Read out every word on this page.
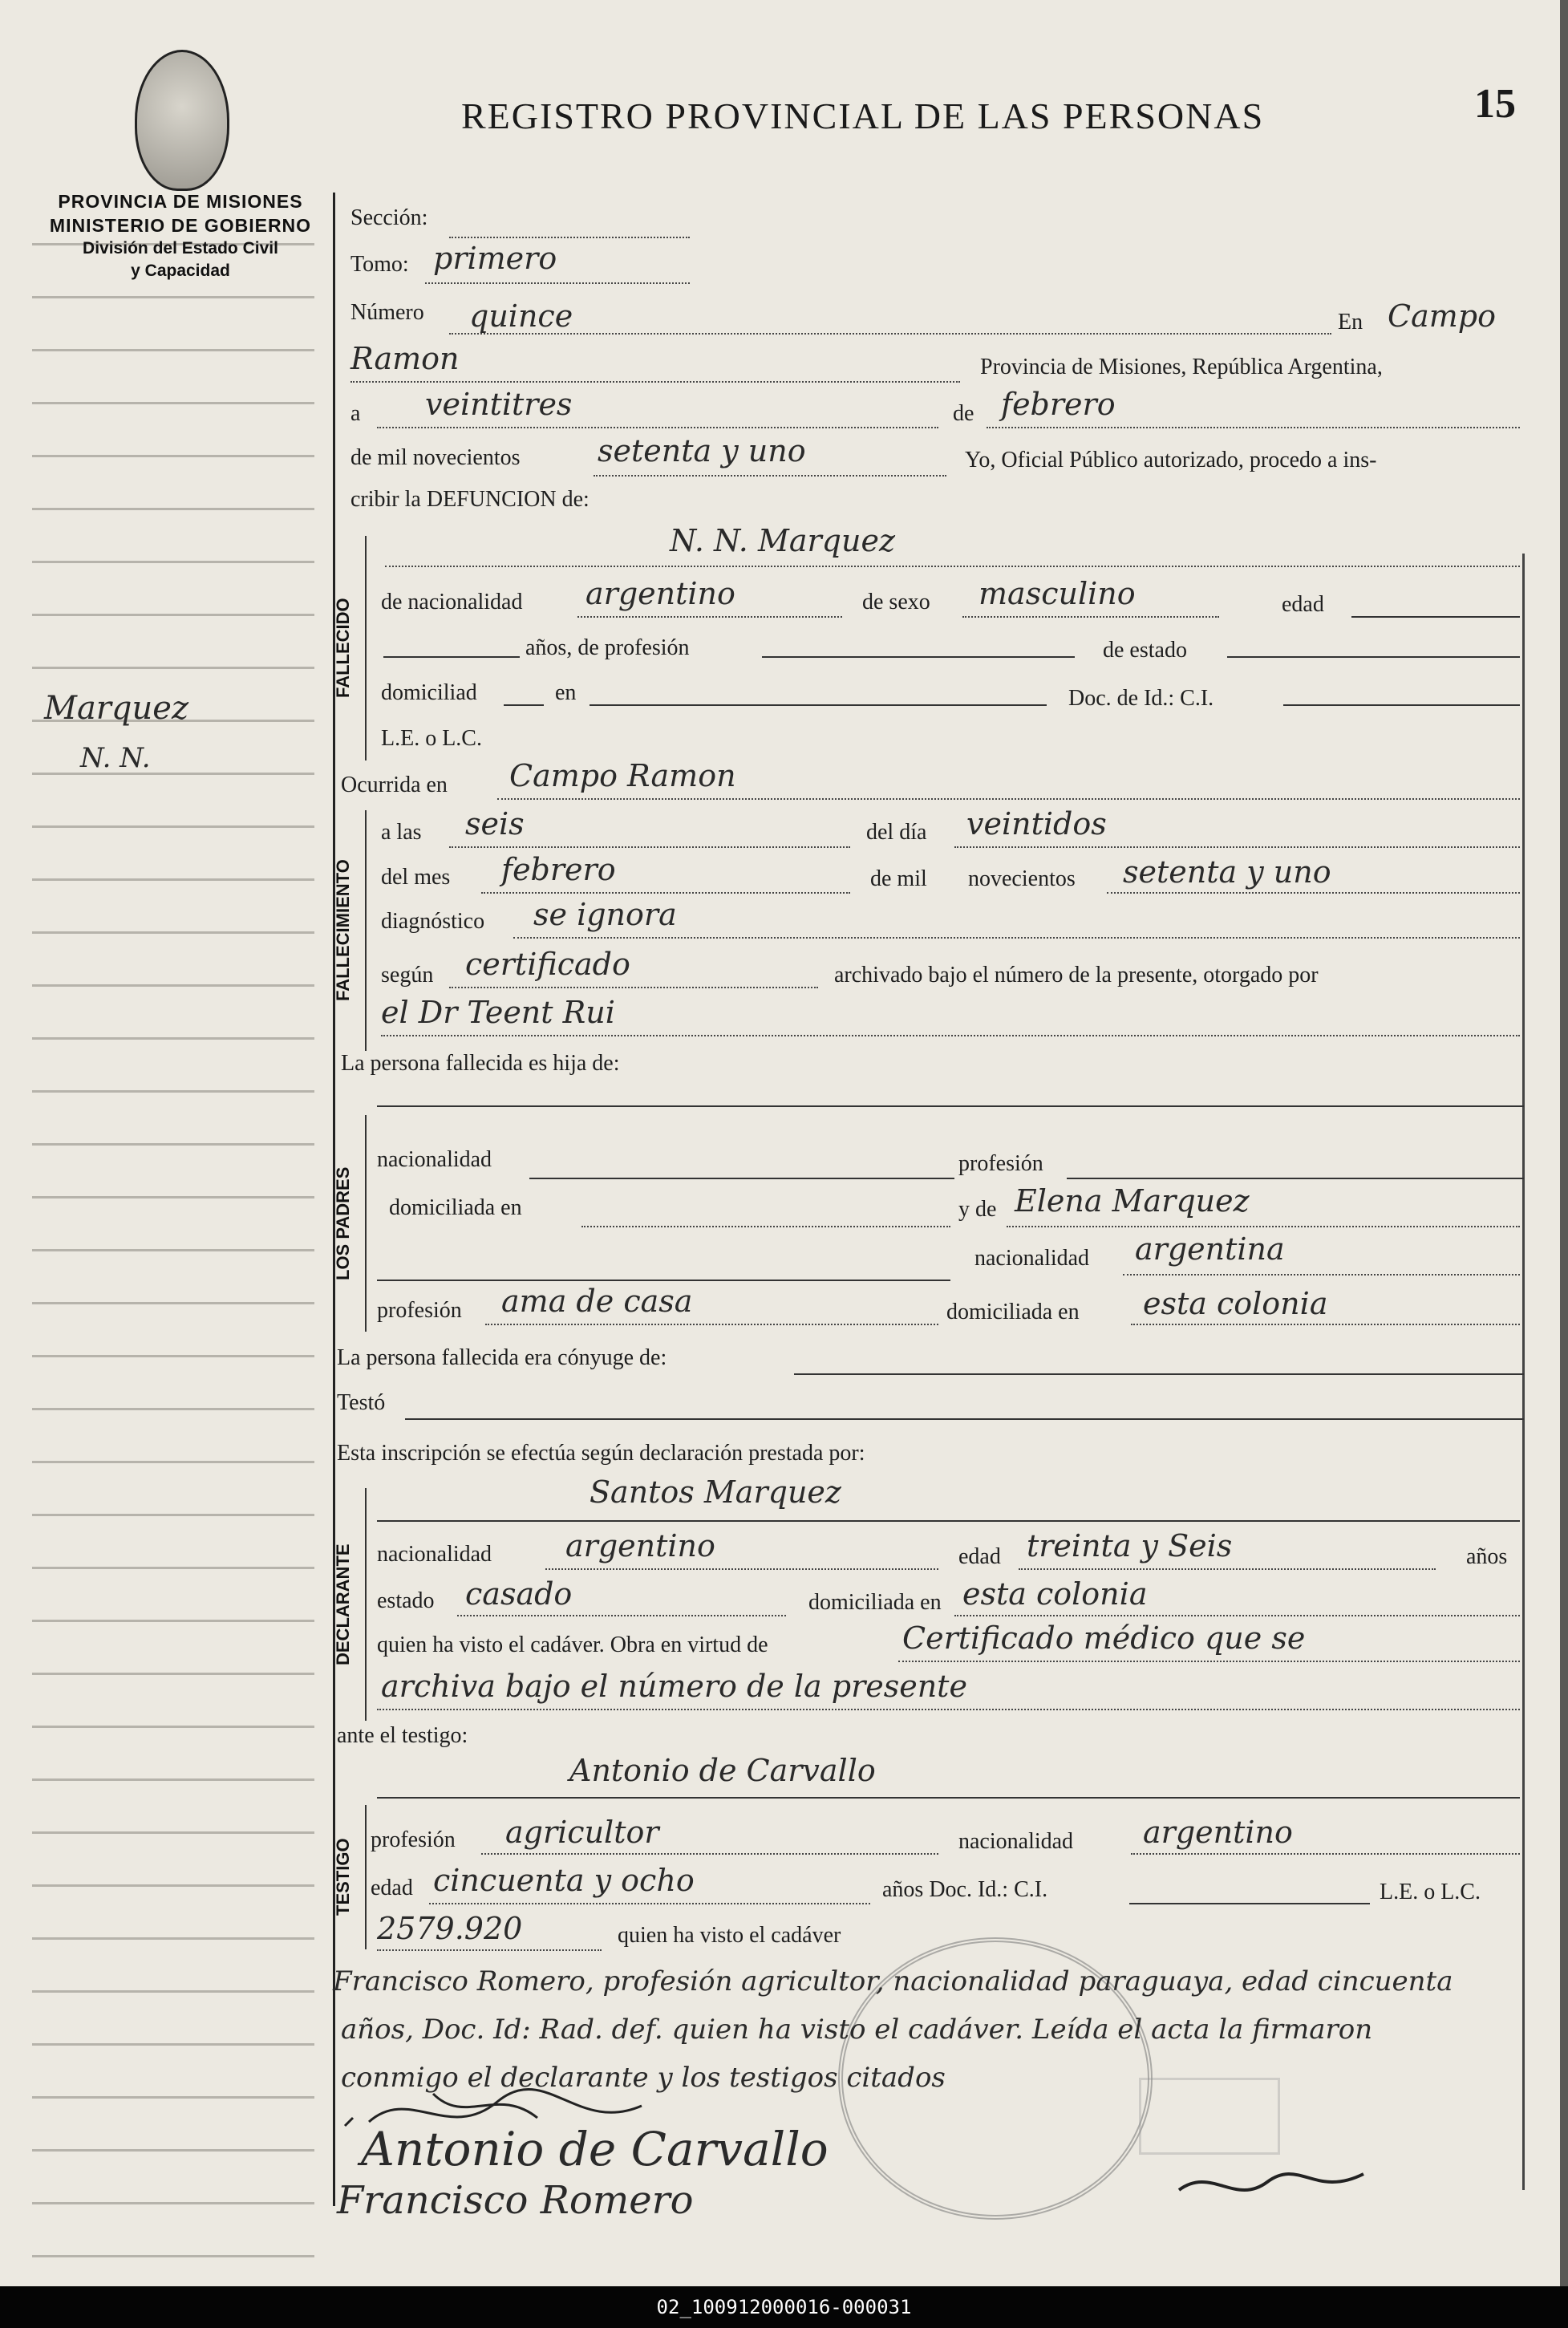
PROVINCIA DE MISIONES
MINISTERIO DE GOBIERNO
División del Estado Civil
y Capacidad
REGISTRO PROVINCIAL DE LAS PERSONAS	15
Marquez
N. N.
Sección:
Tomo: primero
Número quince	En Campo
Ramon	Provincia de Misiones, República Argentina,
a veintitres	de febrero
de mil novecientos	setenta y uno	Yo, Oficial Público autorizado, procedo a ins-
cribir la DEFUNCION de:
FALLECIDO
N. N. Marquez
de nacionalidad argentino	de sexo masculino	edad
años, de profesión	de estado
domiciliad	en	Doc. de Id.: C.I.
L.E. o L.C.
Ocurrida en Campo Ramon
FALLECIMIENTO
a las seis	del día veintidos
del mes febrero	de mil novecientos setenta y uno
diagnóstico se ignora
según certificado	archivado bajo el número de la presente, otorgado por
el Dr Teent Rui
La persona fallecida es hija de:
LOS PADRES
nacionalidad	profesión
domiciliada en	y de Elena Marquez
nacionalidad argentina
profesión ama de casa	domiciliada en esta colonia
La persona fallecida era cónyuge de:
Testó
Esta inscripción se efectúa según declaración prestada por:
DECLARANTE
Santos Marquez
nacionalidad argentino	edad treinta y Seis	años
estado casado	domiciliada en esta colonia
quien ha visto el cadáver. Obra en virtud de	Certificado médico que se
archiva bajo el número de la presente
ante el testigo:
TESTIGO
Antonio de Carvallo
profesión agricultor	nacionalidad argentino
edad cincuenta y ocho	años Doc. Id.: C.I.	L.E. o L.C.
2579.920	quien ha visto el cadáver
Francisco Romero, profesión agricultor, nacionalidad paraguaya, edad cincuenta
años, Doc. Id: Rad. def. quien ha visto el cadáver. Leída el acta la firmaron
conmigo el declarante y los testigos citados
Antonio de Carvallo
Francisco Romero
02_100912000016-000031
